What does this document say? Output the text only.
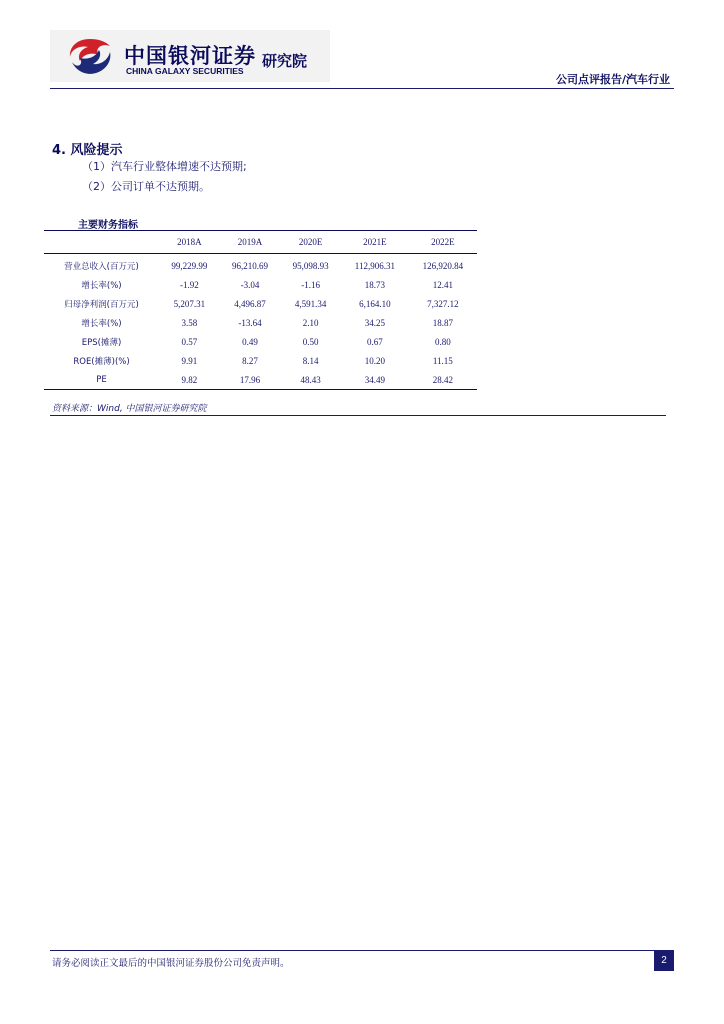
中国银河证券
CHINA GALAXY SECURITIES
研究院
公司点评报告/汽车行业
4. 风险提示
（1）汽车行业整体增速不达预期;
（2）公司订单不达预期。
主要财务指标
	2018A	2019A	2020E	2021E	2022E
营业总收入(百万元)	99,229.99	96,210.69	95,098.93	112,906.31	126,920.84
增长率(%)	-1.92	-3.04	-1.16	18.73	12.41
归母净利润(百万元)	5,207.31	4,496.87	4,591.34	6,164.10	7,327.12
增长率(%)	3.58	-13.64	2.10	34.25	18.87
EPS(摊薄)	0.57	0.49	0.50	0.67	0.80
ROE(摊薄)(%)	9.91	8.27	8.14	10.20	11.15
PE	9.82	17.96	48.43	34.49	28.42
资料来源：Wind, 中国银河证券研究院
请务必阅读正文最后的中国银河证券股份公司免责声明。	2
